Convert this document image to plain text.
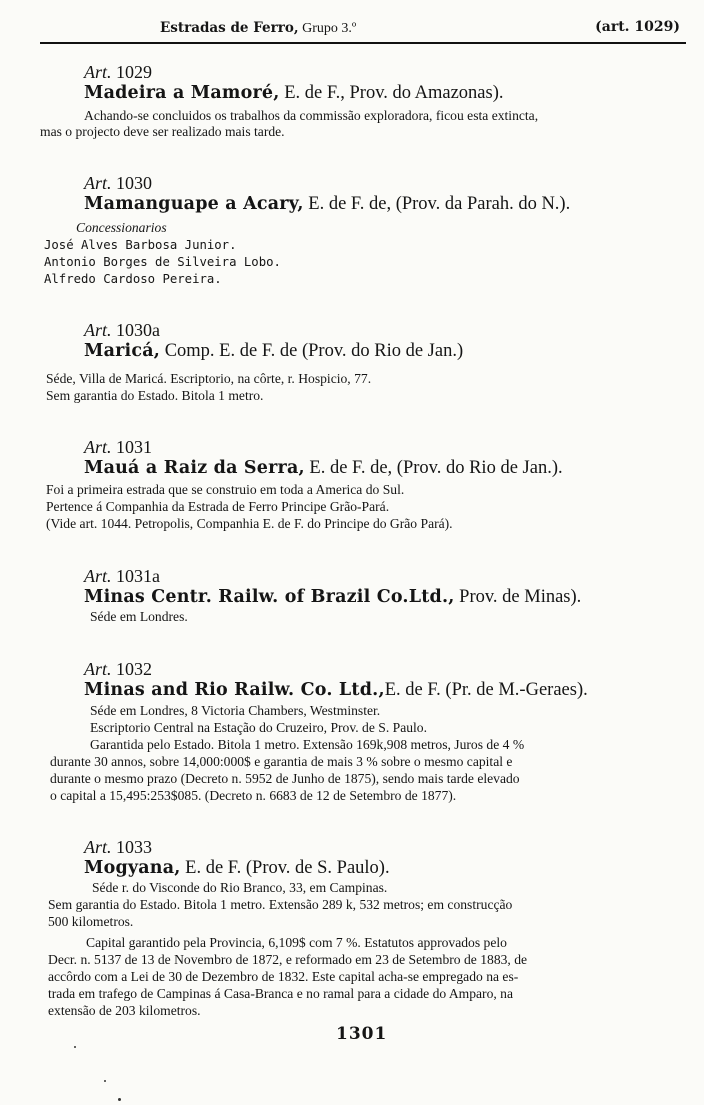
Estradas de Ferro, Grupo 3.º	(art. 1029)
Art. 1029
Madeira a Mamoré, E. de F., Prov. do Amazonas).
Achando-se concluidos os trabalhos da commissão exploradora, ficou esta extincta,
mas o projecto deve ser realizado mais tarde.
Art. 1030
Mamanguape a Acary, E. de F. de, (Prov. da Parah. do N.).
Concessionarios
José Alves Barbosa Junior.
Antonio Borges de Silveira Lobo.
Alfredo Cardoso Pereira.
Art. 1030a
Maricá, Comp. E. de F. de (Prov. do Rio de Jan.)
Séde, Villa de Maricá. Escriptorio, na côrte, r. Hospicio, 77.
Sem garantia do Estado. Bitola 1 metro.
Art. 1031
Mauá a Raiz da Serra, E. de F. de, (Prov. do Rio de Jan.).
Foi a primeira estrada que se construio em toda a America do Sul.
Pertence á Companhia da Estrada de Ferro Principe Grão-Pará.
(Vide art. 1044. Petropolis, Companhia E. de F. do Principe do Grão Pará).
Art. 1031a
Minas Centr. Railw. of Brazil Co.Ltd., Prov. de Minas).
Séde em Londres.
Art. 1032
Minas and Rio Railw. Co. Ltd.,E. de F. (Pr. de M.-Geraes).
Séde em Londres, 8 Victoria Chambers, Westminster.
Escriptorio Central na Estação do Cruzeiro, Prov. de S. Paulo.
Garantida pelo Estado. Bitola 1 metro. Extensão 169k,908 metros, Juros de 4 %
durante 30 annos, sobre 14,000:000$ e garantia de mais 3 % sobre o mesmo capital e
durante o mesmo prazo (Decreto n. 5952 de Junho de 1875), sendo mais tarde elevado
o capital a 15,495:253$085. (Decreto n. 6683 de 12 de Setembro de 1877).
Art. 1033
Mogyana, E. de F. (Prov. de S. Paulo).
Séde r. do Visconde do Rio Branco, 33, em Campinas.
Sem garantia do Estado. Bitola 1 metro. Extensão 289 k, 532 metros; em construcção
500 kilometros.
Capital garantido pela Provincia, 6,109$ com 7 %. Estatutos approvados pelo
Decr. n. 5137 de 13 de Novembro de 1872, e reformado em 23 de Setembro de 1883, de
accôrdo com a Lei de 30 de Dezembro de 1832. Este capital acha-se empregado na es-
trada em trafego de Campinas á Casa-Branca e no ramal para a cidade do Amparo, na
extensão de 203 kilometros.
1301
